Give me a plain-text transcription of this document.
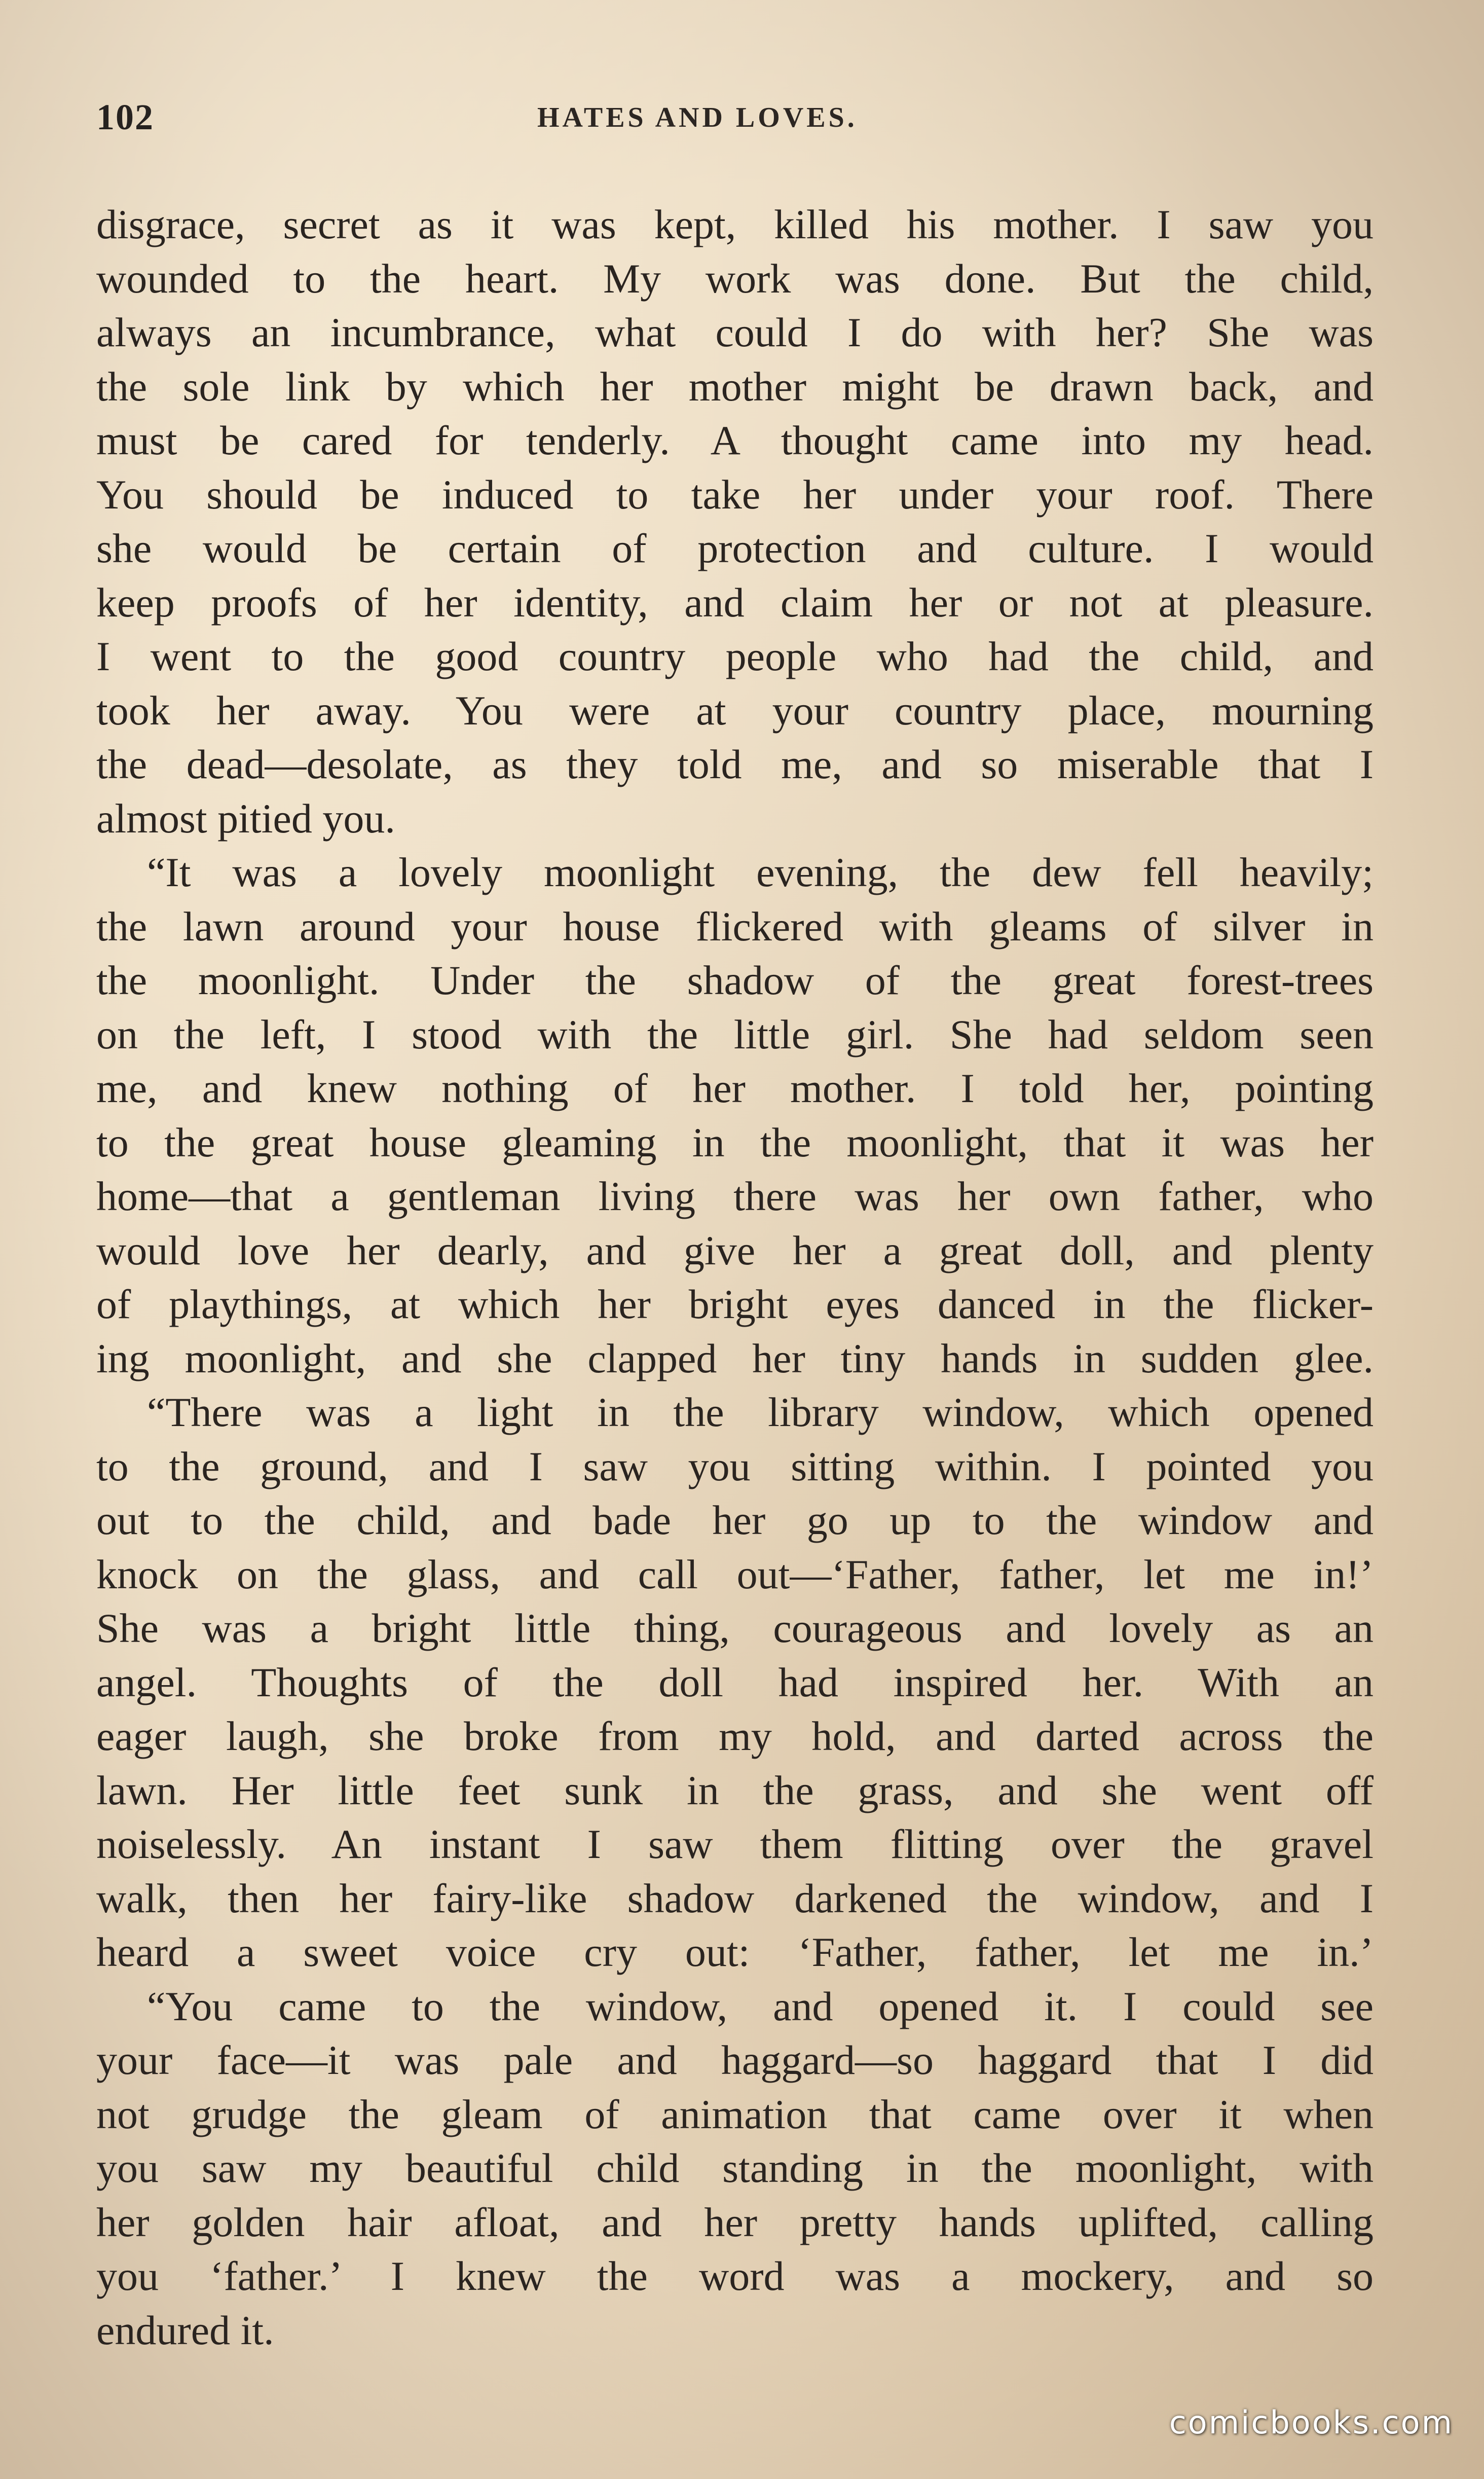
102	HATES AND LOVES.

disgrace, secret as it was kept, killed his mother. I saw you
wounded to the heart. My work was done. But the child,
always an incumbrance, what could I do with her? She was
the sole link by which her mother might be drawn back, and
must be cared for tenderly. A thought came into my head.
You should be induced to take her under your roof. There
she would be certain of protection and culture. I would
keep proofs of her identity, and claim her or not at pleasure.
I went to the good country people who had the child, and
took her away. You were at your country place, mourning
the dead—desolate, as they told me, and so miserable that I
almost pitied you.

“It was a lovely moonlight evening, the dew fell heavily;
the lawn around your house flickered with gleams of silver in
the moonlight. Under the shadow of the great forest-trees
on the left, I stood with the little girl. She had seldom seen
me, and knew nothing of her mother. I told her, pointing
to the great house gleaming in the moonlight, that it was her
home—that a gentleman living there was her own father, who
would love her dearly, and give her a great doll, and plenty
of playthings, at which her bright eyes danced in the flicker-
ing moonlight, and she clapped her tiny hands in sudden glee.

“There was a light in the library window, which opened
to the ground, and I saw you sitting within. I pointed you
out to the child, and bade her go up to the window and
knock on the glass, and call out—‘Father, father, let me in!’
She was a bright little thing, courageous and lovely as an
angel. Thoughts of the doll had inspired her. With an
eager laugh, she broke from my hold, and darted across the
lawn. Her little feet sunk in the grass, and she went off
noiselessly. An instant I saw them flitting over the gravel
walk, then her fairy-like shadow darkened the window, and I
heard a sweet voice cry out: ‘Father, father, let me in.’

“You came to the window, and opened it. I could see
your face—it was pale and haggard—so haggard that I did
not grudge the gleam of animation that came over it when
you saw my beautiful child standing in the moonlight, with
her golden hair afloat, and her pretty hands uplifted, calling
you ‘father.’ I knew the word was a mockery, and so
endured it.

comicbooks.com
